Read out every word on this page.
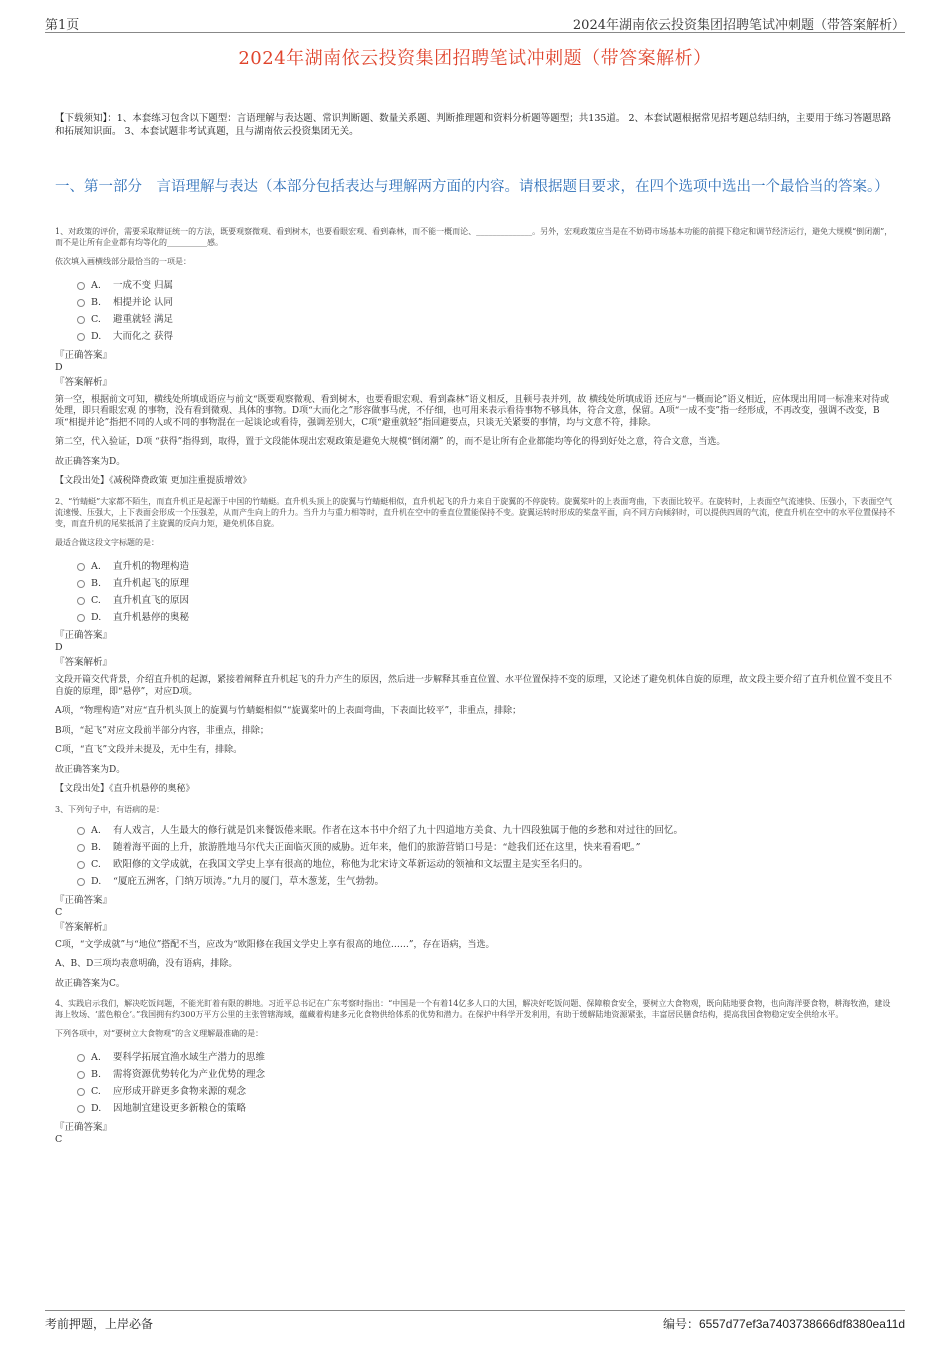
第1页	2024年湖南依云投资集团招聘笔试冲刺题（带答案解析）
2024年湖南依云投资集团招聘笔试冲刺题（带答案解析）
【下载须知】：1、本套练习包含以下题型：言语理解与表达题、常识判断题、数量关系题、判断推理题和资料分析题等题型；共135道。 2、本套试题根据常见招考题总结归纳，主要用于练习答题思路和拓展知识面。 3、本套试题非考试真题，且与湖南依云投资集团无关。
一、第一部分　言语理解与表达（本部分包括表达与理解两方面的内容。请根据题目要求，在四个选项中选出一个最恰当的答案。）

1、对政策的评价，需要采取辩证统一的方法，既要观察微观、看到树木，也要看眼宏观、看到森林，而不能一概而论、______________。另外，宏观政策应当是在不妨碍市场基本功能的前提下稳定和调节经济运行，避免大规模“倒闭潮”，而不是让所有企业都有均等化的__________感。

依次填入画横线部分最恰当的一项是：

A.	一成不变 归属
B.	相提并论 认同
C.	避重就轻 满足
D.	大而化之 获得

『正确答案』

D

『答案解析』

第一空，根据前文可知，横线处所填成语应与前文“既要观察微观、看到树木，也要看眼宏观、看到森林”语义相反，且顿号表并列，故 横线处所填成语 还应与“一概而论”语义相近，应体现出用同一标准来对待或处理，即只看眼宏观 的事物，没有看到微观、具体的事物。D项“大而化之”形容做事马虎，不仔细，也可用来表示看待事物不够具体，符合文意，保留。A项“一成不变”指一经形成，不再改变，强调不改变，B项“相提并论”指把不同的人或不同的事物混在一起谈论或看待，强调差别大，C项“避重就轻”指回避要点，只谈无关紧要的事情，均与文意不符，排除。

第二空，代入验证，D项 “获得”指得到，取得，置于文段能体现出宏观政策是避免大规模“倒闭潮” 的，而不是让所有企业都能均等化的得到好处之意，符合文意，当选。

故正确答案为D。

【文段出处】《减税降费政策 更加注重提质增效》

2、“竹蜻蜓”大家都不陌生，而直升机正是起源于中国的竹蜻蜓。直升机头顶上的旋翼与竹蜻蜓相似，直升机起飞的升力来自于旋翼的不停旋转。旋翼桨叶的上表面弯曲，下表面比较平。在旋转时，上表面空气流速快、压强小，下表面空气流速慢、压强大，上下表面会形成一个压强差，从而产生向上的升力。当升力与重力相等时，直升机在空中的垂直位置能保持不变。旋翼运转时形成的桨盘平面，向不同方向倾斜时，可以提供四周的气流，使直升机在空中的水平位置保持不变，而直升机的尾桨抵消了主旋翼的反向力矩，避免机体自旋。

最适合做这段文字标题的是：

A.	直升机的物理构造
B.	直升机起飞的原理
C.	直升机直飞的原因
D.	直升机悬停的奥秘

『正确答案』

D

『答案解析』

文段开篇交代背景，介绍直升机的起源，紧接着阐释直升机起飞的升力产生的原因，然后进一步解释其垂直位置、水平位置保持不变的原理，又论述了避免机体自旋的原理，故文段主要介绍了直升机位置不变且不自旋的原理，即“悬停”，对应D项。

A项，“物理构造”对应“直升机头顶上的旋翼与竹蜻蜓相似”“旋翼桨叶的上表面弯曲，下表面比较平”，非重点，排除；

B项，“起飞”对应文段前半部分内容，非重点，排除；

C项，“直飞”文段并未提及，无中生有，排除。

故正确答案为D。

【文段出处】《直升机悬停的奥秘》

3、下列句子中，有语病的是：

A.	有人戏言，人生最大的修行就是饥来餐饭倦来眠。作者在这本书中介绍了九十四道地方美食、九十四段独属于他的乡愁和对过往的回忆。
B.	随着海平面的上升，旅游胜地马尔代夫正面临灭顶的威胁。近年来，他们的旅游营销口号是：“趁我们还在这里，快来看看吧。”
C.	欧阳修的文学成就，在我国文学史上享有很高的地位，称他为北宋诗文革新运动的领袖和文坛盟主是实至名归的。
D.	“厦庇五洲客，门纳万顷涛。”九月的厦门，草木葱茏，生气勃勃。

『正确答案』

C

『答案解析』

C项，“文学成就”与“地位”搭配不当，应改为“欧阳修在我国文学史上享有很高的地位……”，存在语病，当选。

A、B、D三项均表意明确，没有语病，排除。

故正确答案为C。

4、实践启示我们，解决吃饭问题，不能光盯着有限的耕地。习近平总书记在广东考察时指出：“中国是一个有着14亿多人口的大国，解决好吃饭问题、保障粮食安全，要树立大食物观，既向陆地要食物，也向海洋要食物，耕海牧渔，建设海上牧场、‘蓝色粮仓’。”我国拥有约300万平方公里的主张管辖海域，蕴藏着构建多元化食物供给体系的优势和潜力。在保护中科学开发利用，有助于缓解陆地资源紧张，丰富居民膳食结构，提高我国食物稳定安全供给水平。

下列各项中，对“要树立大食物观”的含义理解最准确的是：

A.	要科学拓展宜渔水域生产潜力的思维
B.	需将资源优势转化为产业优势的理念
C.	应形成开辟更多食物来源的观念
D.	因地制宜建设更多新粮仓的策略

『正确答案』

C

考前押题，上岸必备	编号：6557d77ef3a7403738666df8380ea11d
